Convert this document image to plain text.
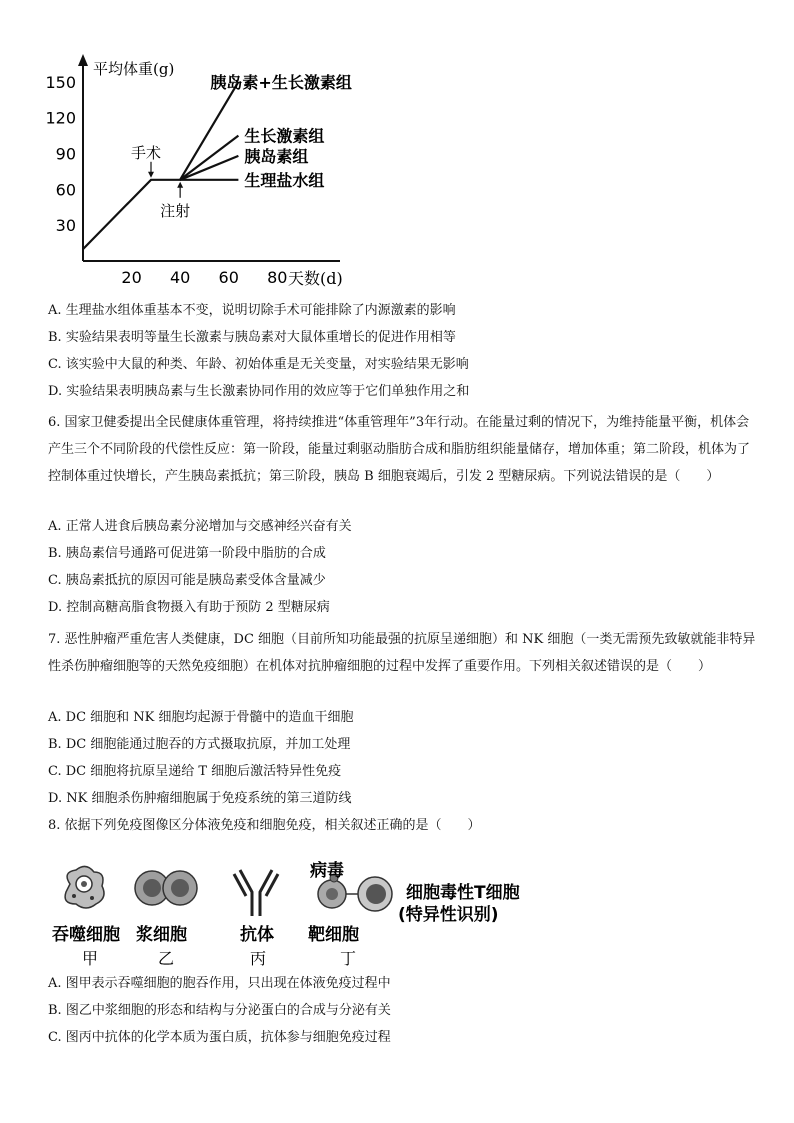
平均体重(g)
天数(d)
150
120
90
60
30
20 40 60 80
胰岛素+生长激素组
生长激素组
胰岛素组
生理盐水组
手术
注射
A. 生理盐水组体重基本不变，说明切除手术可能排除了内源激素的影响
B. 实验结果表明等量生长激素与胰岛素对大鼠体重增长的促进作用相等
C. 该实验中大鼠的种类、年龄、初始体重是无关变量，对实验结果无影响
D. 实验结果表明胰岛素与生长激素协同作用的效应等于它们单独作用之和
6. 国家卫健委提出全民健康体重管理，将持续推进“体重管理年”3年行动。在能量过剩的情况下，为维持能量平衡，机体会产生三个不同阶段的代偿性反应：第一阶段，能量过剩驱动脂肪合成和脂肪组织能量储存，增加体重；第二阶段，机体为了控制体重过快增长，产生胰岛素抵抗；第三阶段，胰岛 B 细胞衰竭后，引发 2 型糖尿病。下列说法错误的是（　　）
A. 正常人进食后胰岛素分泌增加与交感神经兴奋有关
B. 胰岛素信号通路可促进第一阶段中脂肪的合成
C. 胰岛素抵抗的原因可能是胰岛素受体含量减少
D. 控制高糖高脂食物摄入有助于预防 2 型糖尿病
7. 恶性肿瘤严重危害人类健康，DC 细胞（目前所知功能最强的抗原呈递细胞）和 NK 细胞（一类无需预先致敏就能非特异性杀伤肿瘤细胞等的天然免疫细胞）在机体对抗肿瘤细胞的过程中发挥了重要作用。下列相关叙述错误的是（　　）
A. DC 细胞和 NK 细胞均起源于骨髓中的造血干细胞
B. DC 细胞能通过胞吞的方式摄取抗原，并加工处理
C. DC 细胞将抗原呈递给 T 细胞后激活特异性免疫
D. NK 细胞杀伤肿瘤细胞属于免疫系统的第三道防线
8. 依据下列免疫图像区分体液免疫和细胞免疫，相关叙述正确的是（　　）
病毒
细胞毒性T细胞
(特异性识别)
吞噬细胞
甲
浆细胞
乙
抗体
丙
靶细胞
丁
A. 图甲表示吞噬细胞的胞吞作用，只出现在体液免疫过程中
B. 图乙中浆细胞的形态和结构与分泌蛋白的合成与分泌有关
C. 图丙中抗体的化学本质为蛋白质，抗体参与细胞免疫过程
